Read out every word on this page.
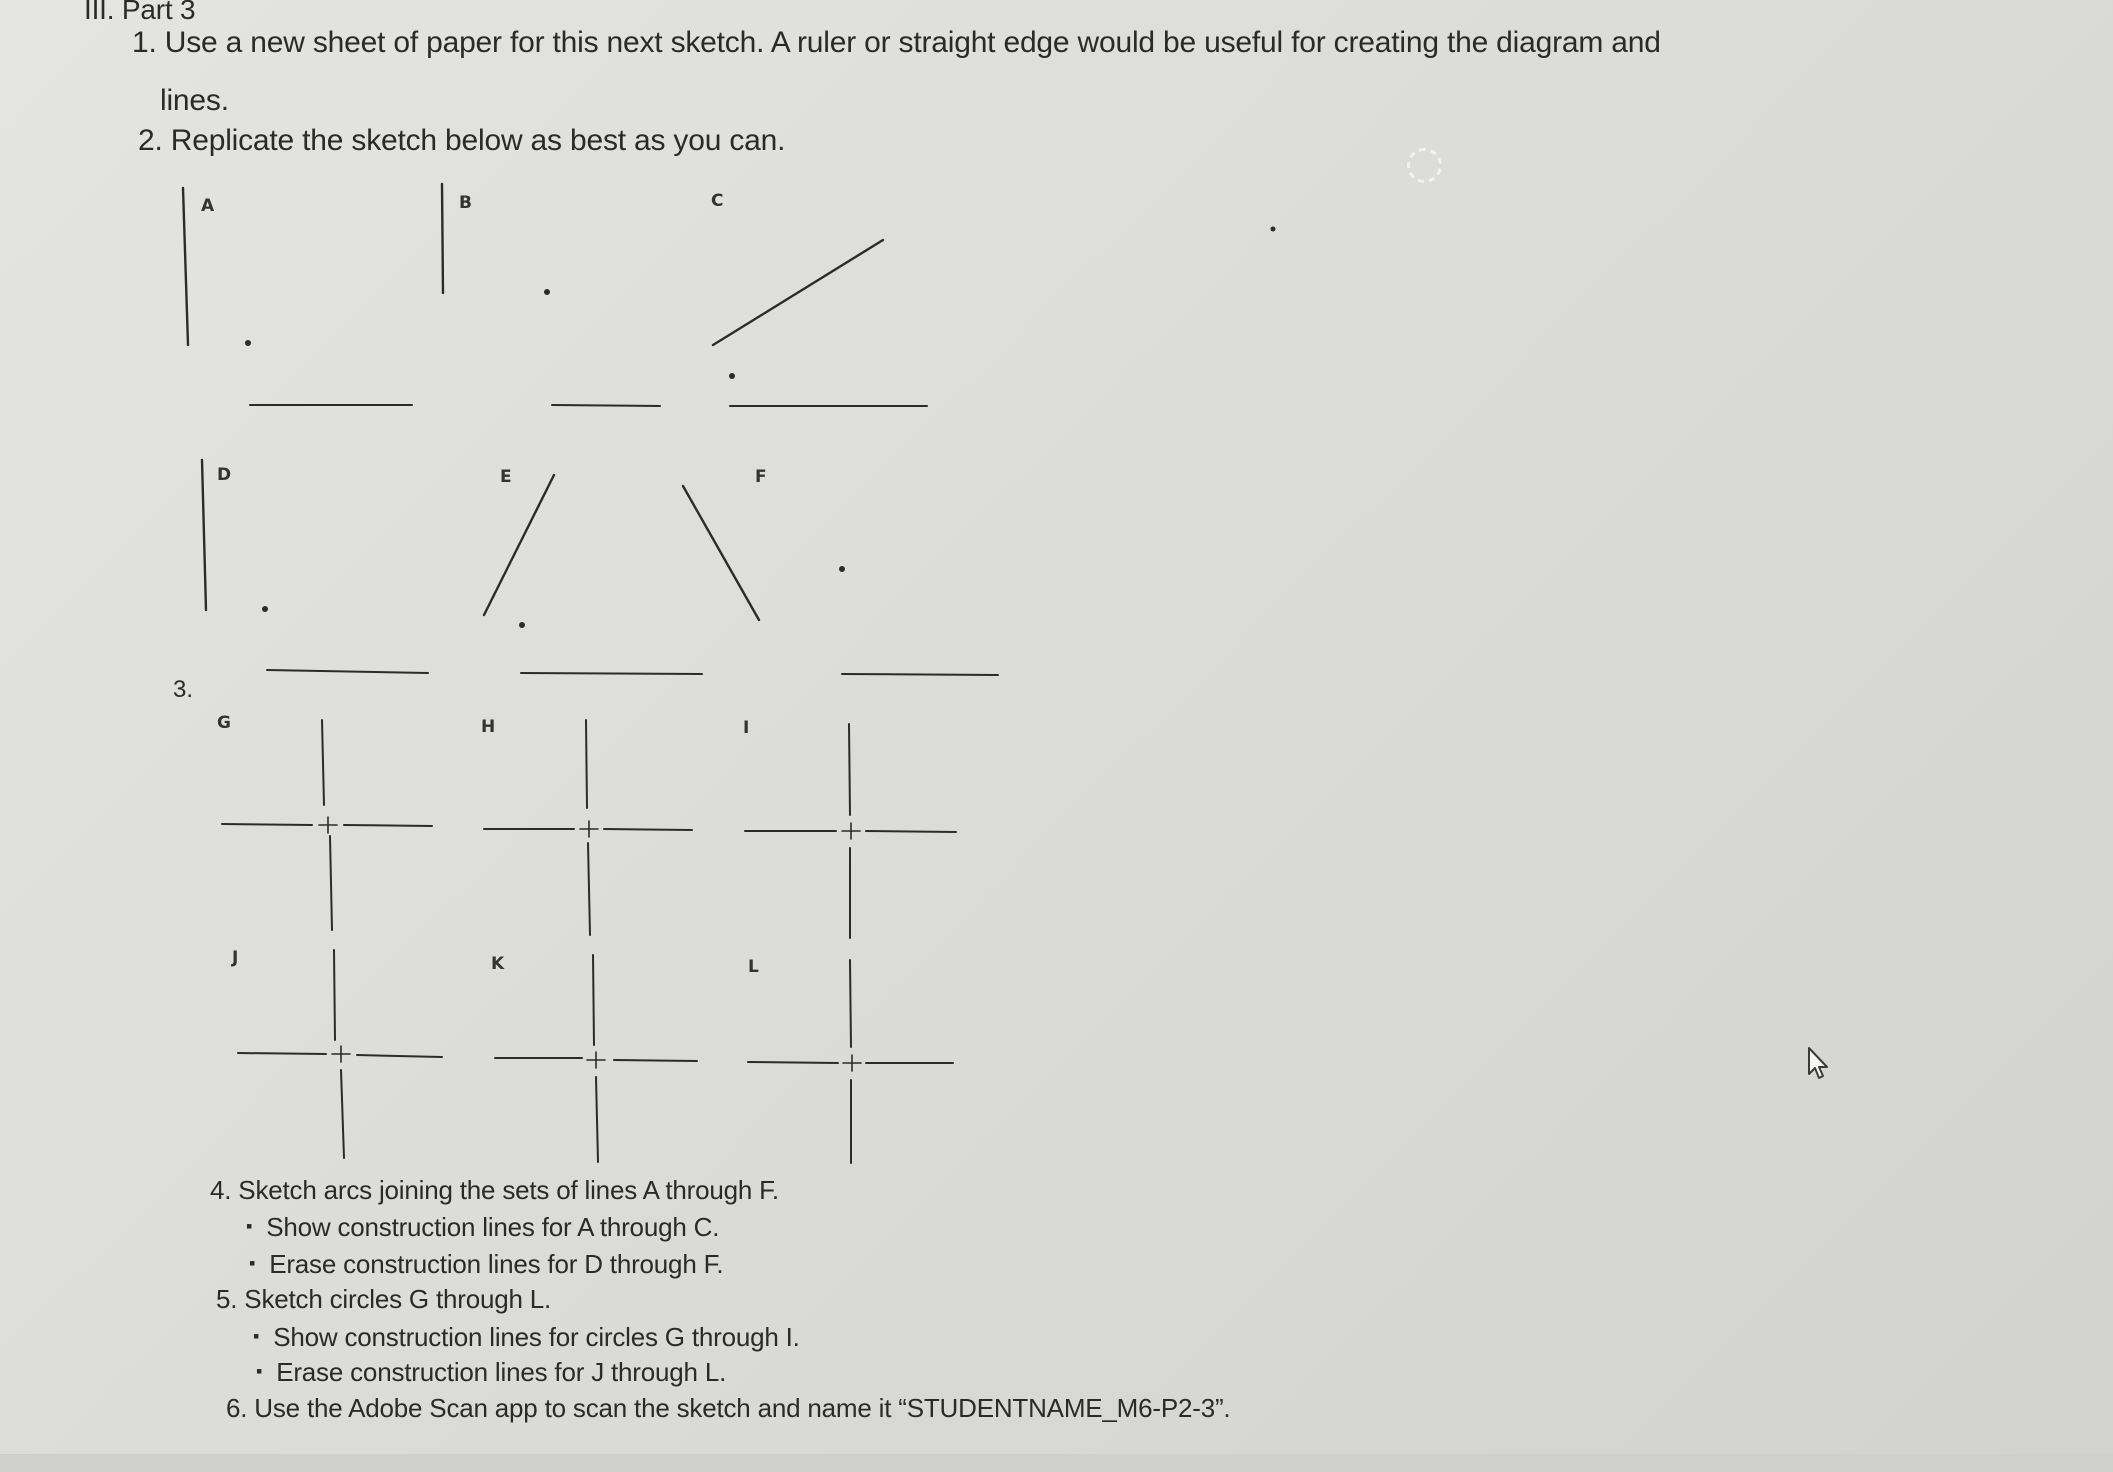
III. Part 3
1. Use a new sheet of paper for this next sketch. A ruler or straight edge would be useful for creating the diagram and
lines.
2. Replicate the sketch below as best as you can.
3.
A	B	C
D	E	F
G	H	I
J	K	L
4. Sketch arcs joining the sets of lines A through F.
▪ Show construction lines for A through C.
▪ Erase construction lines for D through F.
5. Sketch circles G through L.
▪ Show construction lines for circles G through I.
▪ Erase construction lines for J through L.
6. Use the Adobe Scan app to scan the sketch and name it “STUDENTNAME_M6-P2-3”.
